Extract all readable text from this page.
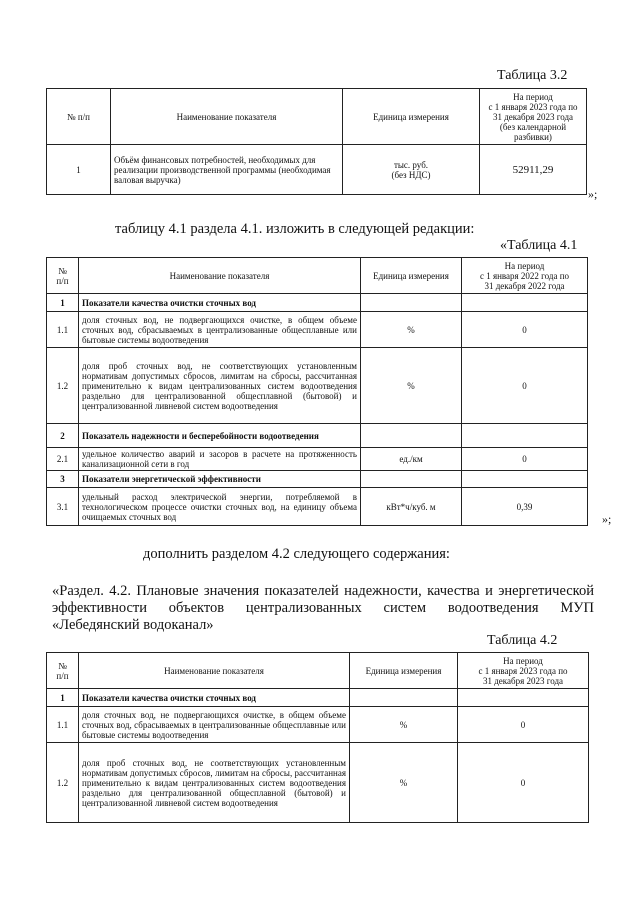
Таблица 3.2
№ п/п	Наименование показателя	Единица измерения	На период
с 1 января 2023 года по
31 декабря 2023 года
(без календарной
разбивки)
1	Объём финансовых потребностей, необходимых для реализации производственной программы (необходимая валовая выручка)	тыс. руб.
(без НДС)	52911,29
»;
таблицу 4.1 раздела 4.1. изложить в следующей редакции:
«Таблица 4.1
№
п/п	Наименование показателя	Единица измерения	На период
с 1 января 2022 года по
31 декабря 2022 года
1	Показатели качества очистки сточных вод		
1.1	доля сточных вод, не подвергающихся очистке, в общем объеме сточных вод, сбрасываемых в централизованные общесплавные или бытовые системы водоотведения	%	0
1.2	доля проб сточных вод, не соответствующих установленным нормативам допустимых сбросов, лимитам на сбросы, рассчитанная применительно к видам централизованных систем водоотведения раздельно для централизованной общесплавной (бытовой) и централизованной ливневой систем водоотведения	%	0
2	Показатель надежности и бесперебойности водоотведения		
2.1	удельное количество аварий и засоров в расчете на протяженность канализационной сети в год	ед./км	0
3	Показатели энергетической эффективности		
3.1	удельный расход электрической энергии, потребляемой в технологическом процессе очистки сточных вод, на единицу объема очищаемых сточных вод	кВт*ч/куб. м	0,39
»;
дополнить разделом 4.2 следующего содержания:
«Раздел. 4.2. Плановые значения показателей надежности, качества и энергетической эффективности объектов централизованных систем водоотведения МУП «Лебедянский водоканал»
Таблица 4.2
№
п/п	Наименование показателя	Единица измерения	На период
с 1 января 2023 года по
31 декабря 2023 года
1	Показатели качества очистки сточных вод		
1.1	доля сточных вод, не подвергающихся очистке, в общем объеме сточных вод, сбрасываемых в централизованные общесплавные или бытовые системы водоотведения	%	0
1.2	доля проб сточных вод, не соответствующих установленным нормативам допустимых сбросов, лимитам на сбросы, рассчитанная применительно к видам централизованных систем водоотведения раздельно для централизованной общесплавной (бытовой) и централизованной ливневой систем водоотведения	%	0
